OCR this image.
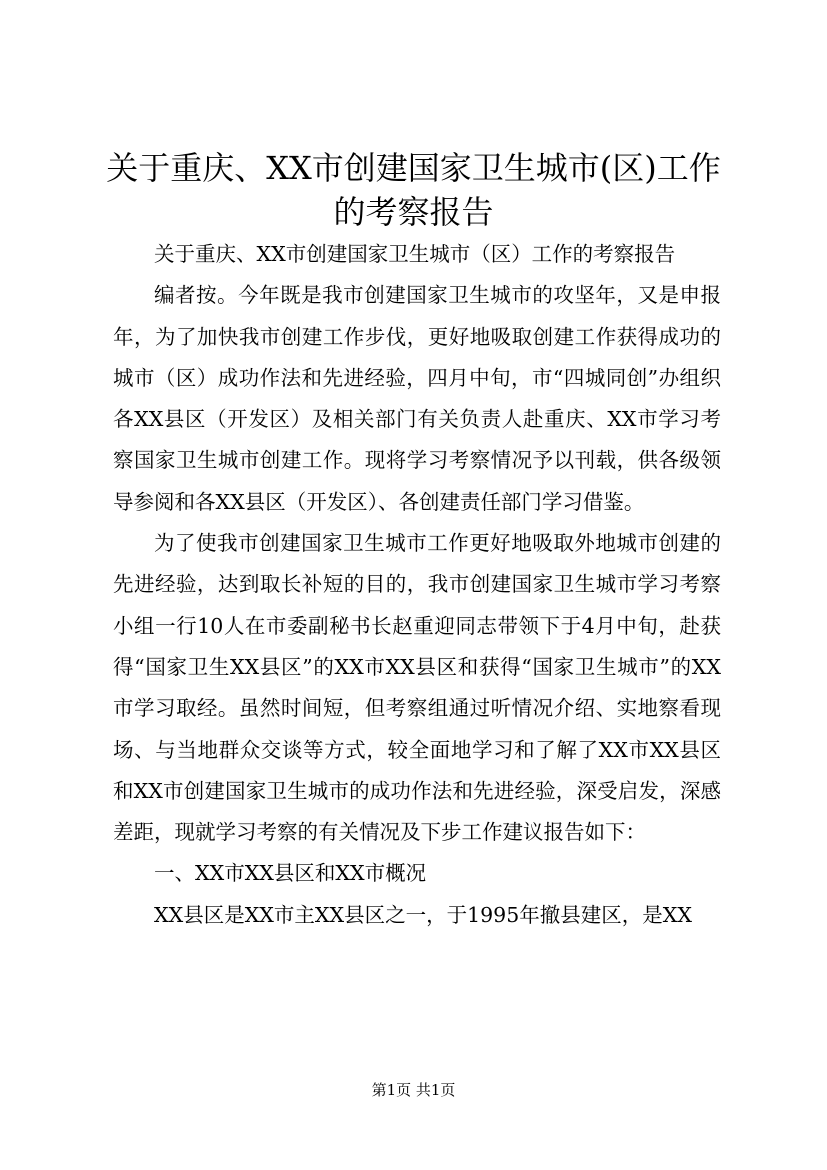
关于重庆、XX市创建国家卫生城市(区)工作
的考察报告

关于重庆、XX市创建国家卫生城市（区）工作的考察报告

编者按。今年既是我市创建国家卫生城市的攻坚年，又是申报年，为了加快我市创建工作步伐，更好地吸取创建工作获得成功的城市（区）成功作法和先进经验，四月中旬，市“四城同创”办组织各XX县区（开发区）及相关部门有关负责人赴重庆、XX市学习考察国家卫生城市创建工作。现将学习考察情况予以刊载，供各级领导参阅和各XX县区（开发区）、各创建责任部门学习借鉴。

为了使我市创建国家卫生城市工作更好地吸取外地城市创建的先进经验，达到取长补短的目的，我市创建国家卫生城市学习考察小组一行10人在市委副秘书长赵重迎同志带领下于4月中旬，赴获得“国家卫生XX县区”的XX市XX县区和获得“国家卫生城市”的XX市学习取经。虽然时间短，但考察组通过听情况介绍、实地察看现场、与当地群众交谈等方式，较全面地学习和了解了XX市XX县区和XX市创建国家卫生城市的成功作法和先进经验，深受启发，深感差距，现就学习考察的有关情况及下步工作建议报告如下：

一、XX市XX县区和XX市概况

XX县区是XX市主XX县区之一，于1995年撤县建区，是XX

第1页 共1页
